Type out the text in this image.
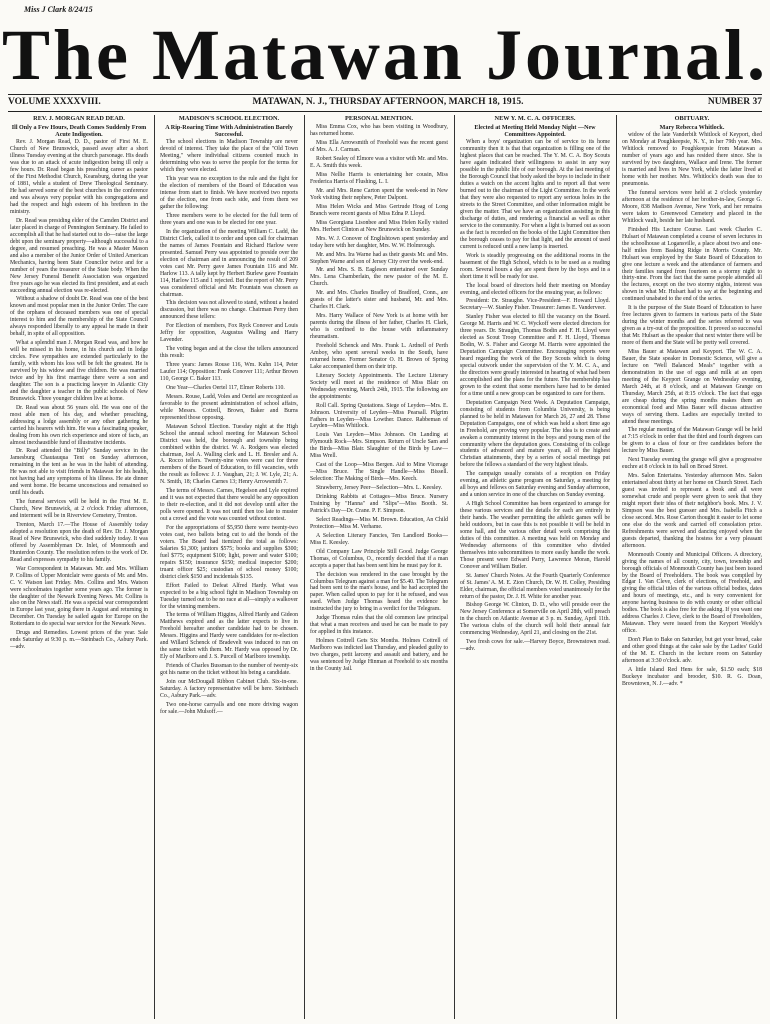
Miss J Clark 8/24/15
The Matawan Journal.
VOLUME XXXXVIII.	MATAWAN, N. J., THURSDAY AFTERNOON, MARCH 18, 1915.	NUMBER 37
REV. J. MORGAN READ DEAD.
Ill Only a Few Hours, Death Comes Suddenly From Acute Indigestion.

Rev. J. Morgan Read, D. D., pastor of First M. E. Church of New Brunswick, passed away after a short illness Tuesday evening at the church parsonage. His death was due to an attack of acute indigestion being ill only a few hours. Dr. Read began his preaching career as pastor of the First Methodist Church, Keansburg, during the year of 1881, while a student of Drew Theological Seminary. He had served some of the best churches in the conference and was always very popular with his congregations and had the respect and high esteem of his brethren in the ministry.

Dr. Read was presiding elder of the Camden District and later placed in charge of Pennington Seminary. He failed to accomplish all that he had started out to do—raise the large debt upon the seminary property—although successful to a degree, and resumed preaching. He was a Master Mason and also a member of the Junior Order of United American Mechanics, having been State Councilor twice and for a number of years the treasurer of the State body. When the New Jersey Funeral Benefit Association was organized five years ago he was elected its first president, and at each succeeding annual election was re-elected.

Without a shadow of doubt Dr. Read was one of the best known and most popular men in the Junior Order. The care of the orphans of deceased members was one of special interest to him and the membership of the State Council always responded liberally to any appeal he made in their behalf, in spite of all opposition.

What a splendid man J. Morgan Read was, and how he will be missed in his home, in his church and in lodge circles. Few sympathies are extended particularly to the family, with whom his loss will be felt the greatest. He is survived by his widow and five children. He was married twice and by his first marriage there were a son and daughter. The son is a practicing lawyer in Atlantic City and the daughter a teacher in the public schools of New Brunswick. Three younger children live at home.

Dr. Read was about 56 years old. He was one of the most able men of his day, and whether preaching, addressing a lodge assembly or any other gathering he carried his hearers with him. He was a fascinating speaker, dealing from his own rich experience and store of facts, an almost inexhaustible fund of illustrative incidents.

Dr. Read attended the "Billy" Sunday service in the Jamesburg Chautauqua Tent on Sunday afternoon, remaining in the tent as he was in the habit of attending. He was not able to visit friends in Matawan for his health, not having had any symptoms of his illness. He ate dinner and went home. He became unconscious and remained so until his death.

The funeral services will be held in the First M. E. Church, New Brunswick, at 2 o'clock Friday afternoon, and interment will be in Riverview Cemetery, Trenton.

Trenton, March 17.—The House of Assembly today adopted a resolution upon the death of Rev. Dr. J. Morgan Read of New Brunswick, who died suddenly today. It was offered by Assemblyman Dr. Inlet, of Monmouth and Hunterdon County. The resolution refers to the work of Dr. Read and expresses sympathy to his family.

War Correspondent in Matawan. Mr. and Mrs. William P. Collins of Upper Montclair were guests of Mr. and Mrs. C. V. Watson last Friday. Mrs. Collins and Mrs. Watson were schoolmates together some years ago. The former is the daughter of the Newark Evening News. Mr. Collins is also on the News staff. He was a special war correspondent in Europe last year, going there in August and returning in December. On Tuesday he sailed again for Europe on the Rotterdam to do special war service for the Newark News.

Drugs and Remedies. Lowest prices of the year. Sale ends Saturday at 9:30 p. m.—Steinbach Co., Asbury Park.—adv.

MADISON'S SCHOOL ELECTION.
A Rip-Roaring Time With Administration Barely Successful.

The school elections in Madison Township are never devoid of interest. They take the place of the "Old Town Meeting," where individual citizens counted much in determining who was to serve the people for the terms for which they were elected.

This year was no exception to the rule and the fight for the election of members of the Board of Education was intense from start to finish. We have received two reports of the election, one from each side, and from them we gather the following:

Three members were to be elected for the full term of three years and one was to be elected for one year.

In the organization of the meeting William C. Ladd, the District Clerk, called it to order and upon call for chairman the names of James Fountain and Richard Harlow were presented. Samuel Perry was appointed to preside over the election of chairman and in announcing the result of 209 votes cast Mr. Perry gave James Fountain 116 and Mr. Harlow 113. A tally kept by Herbert Burlew gave Fountain 114, Harlow 115 and 1 rejected. But the report of Mr. Perry was considered official and Mr. Fountain was chosen as chairman.

This decision was not allowed to stand, without a heated discussion, but there was no change. Chairman Perry then announced these tellers:

For Election of members, Fox Ryck Conover and Louis Jeffry for opposition, Augustus Walling and Harry Lavender.

The voting began and at the close the tellers announced this result:

Three years: James Rouse 116, Wm. Kuhn 114, Peter Laufer 114; Opposition: Frank Conover 111; Arthur Brown 110, George C. Baker 113.

One Year—Charles Oertel 117, Elmer Roberts 110.

Messrs. Rouse, Ladd, Voles and Oertel are recognized as favorable to the present administration of school affairs, while Messrs. Cottrell, Brown, Baker and Burns represented those opposing.

Matawan School Election. Tuesday night at the High School the annual school meeting for Matawan School District was held, the borough and township being combined within the district. W. A. Rodgers was elected chairman, Joel A. Walling clerk and L. H. Bresler and A. A. Rocco tellers. Twenty-nine votes were cast for three members of the Board of Education, to fill vacancies, with the result as follows: J. J. Vaughan, 21; J. W. Lyle, 21; A. N. Smith, 18; Charles Carnes 13; Henry Arrowsmith 7.

The terms of Messrs. Carnes, Hegelson and Lyle expired and it was not expected that there would be any opposition to their re-election, and it did not develop until after the polls were opened. It was not until then too late to muster out a crowd and the vote was counted without contest.

For the appropriations of $5,950 there were twenty-two votes cast, two ballots being cut to aid the bonds of the voters. The Board had itemized the total as follows: Salaries $1,300; janitors $575; books and supplies $300; fuel $775; equipment $100; light, power and water $100; repairs $150; insurance $150; medical inspector $200; truant officer $25; custodian of school money $100; district clerk $150 and incidentals $135.

Effort Failed to Defeat Alfred Hardy. What was expected to be a big school fight in Madison Township on Tuesday turned out to be no race at all—simply a walkover for the winning members.

The terms of William Higgins, Alfred Hardy and Gideon Matthews expired and as the latter expects to live in Freehold hereafter another candidate had to be chosen. Messrs. Higgins and Hardy were candidates for re-election and Willard Schenck of Bradevelt was induced to run on the same ticket with them. Mr. Hardy was opposed by Dr. Ely of Marlboro and J. S. Purcell of Marlboro township.

Friends of Charles Bussman to the number of twenty-six got his name on the ticket without his being a candidate.

Join our McDougall Ribbon Cabinet Club. Six-in-one. Saturday. A factory representative will be here. Steinbach Co., Asbury Park.—adv.

Two one-horse carryalls and one more driving wagon for sale.—John Mulsoff.—

PERSONAL MENTION.

Miss Emma Cox, who has been visiting in Woodbury, has returned home.

Miss Ella Arrowsmith of Freehold was the recent guest of Mrs. A. J. Carman.

Robert Sealey of Elmore was a visitor with Mr. and Mrs. E. A. Smith this week.

Miss Nellie Harris is entertaining her cousin, Miss Frederica Harris of Flushing, L. I.

Mr. and Mrs. Rene Carton spent the week-end in New York visiting their nephew, Peter Dalpont.

Miss Helen Wicks and Miss Gertrude Hoag of Long Branch were recent guests of Miss Edna P. Lloyd.

Miss Georgiana Lisonbee and Miss Helen Kelly visited Mrs. Herbert Clinton at New Brunswick on Sunday.

Mrs. W. J. Conover of Englishtown spent yesterday and today here with her daughter, Mrs. W. W. Holmrough.

Mr. and Mrs. Ira Warne had as their guests Mr. and Mrs. Stephen Warne and son of Jersey City over the week-end.

Mr. and Mrs. S. B. Eagleson entertained over Sunday Mrs. Lena Chamberlain, the new pastor of the M. E. Church.

Mr. and Mrs. Charles Bradley of Bradford, Conn., are guests of the latter's sister and husband, Mr. and Mrs. Charles H. Clark.

Mrs. Harry Wallace of New York is at home with her parents during the illness of her father, Charles H. Clark, who is confined to the house with inflammatory rheumatism.

Freehold Schenck and Mrs. Frank L. Ardnell of Perth Amboy, who spent several weeks in the South, have returned home. Former Senator O. H. Brown of Spring Lake accompanied them on their trip.

Literary Society Appointments. The Lecture Literary Society will meet at the residence of Miss Blair on Wednesday evening, March 24th, 1915. The following are the appointments:

Roll Call. Spring Quotations. Siege of Leyden—Mrs. E. Johnson. University of Leyden—Miss Pearsall. Pilgrim Fathers in Leyden—Miss Lowther. Dance. Rabbeman of Leyden—Miss Whitlock.

Louis Van Leyden—Miss Johnson. On Landing at Plymouth Rock—Mrs. Simpson. Return of Uncle Sam and the Birds—Miss Blair. Slaughter of the Birds by Law—Miss Wrell.

Cast of the Loop—Miss Bergen. Aid to Mine Vicerage—Miss Bruce. The Single Handle—Miss Bissell. Selection: The Making of Birds—Mrs. Keech.

Strawberry, Jersey Peer—Selection—Mrs. L. Keesley.

Drinking Rabbits at Cottages—Miss Bruce. Nursery Training by "Hanna" and "Slips"—Miss Booth. St. Patrick's Day—Dr. Crane. P. F. Simpson.

Select Readings—Miss M. Brown. Education, An Child Protection—Miss M. Verhame.

A Selection Literary Fancies, Ten Landlord Books—Miss E. Keesley.

Old Company Law Principle Still Good. Judge George Thomas, of Columbus, O., recently decided that if a man accepts a paper that has been sent him he must pay for it.

The decision was rendered in the case brought by the Columbus Telegram against a man for $5.40. The Telegram had been sent to the man's house, and he had accepted the paper. When called upon to pay for it he refused, and was sued. When Judge Thomas heard the evidence he instructed the jury to bring in a verdict for the Telegram.

Judge Thomas rules that the old common law principal that what a man receives and used he can be made to pay for applied in this instance.

Holmes Cottrell Gets Six Months. Holmes Cottrell of Marlboro was indicted last Thursday, and pleaded guilty to two charges, petit larceny and assault and battery, and he was sentenced by Judge Hinman at Freehold to six months in the County Jail.

NEW Y. M. C. A. OFFICERS.
Elected at Meeting Held Monday Night —New Committees Appointed.

When a boys' organization can be of service to its home community then it is that that organization is filling one of the highest places that can be reached. The Y. M. C. A. Boy Scouts have again indicated their willingness to assist in any way possible in the public life of our borough. At the last meeting of the Borough Council that body asked the boys to include in their duties a watch on the accent lights and to report all that were burned out to the chairman of the Light Committee. In the work that they were also requested to report any serious holes in the streets to the Street Committee, and other information might be given the matter. That we have an organization assisting in this discharge of duties, and rendering a financial as well as other service to the community. For when a light is burned out as soon as the fact is recorded on the books of the Light Committee then the borough ceases to pay for that light, and the amount of used current is reduced until a new lamp is inserted.

Work is steadily progressing on the additional rooms in the basement of the High School, which is to be used as a reading room. Several hours a day are spent there by the boys and in a short time it will be ready for use.

The local board of directors held their meeting on Monday evening, and elected officers for the ensuing year, as follows:

President: Dr. Straughn. Vice-President—F. Howard Lloyd. Secretary—W. Stanley Fisher. Treasurer: James E. Vanderveer.

Stanley Fisher was elected to fill the vacancy on the Board. George M. Harris and W. C. Wyckoff were elected directors for three years. Dr. Straughn, Thomas Bodin and F. H. Lloyd were elected as Scout Troop Committee and F. H. Lloyd, Thomas Bodin, W. S. Fisher and George M. Harris were appointed the Deputation Campaign Committee. Encouraging reports were heard regarding the work of the Boy Scouts which is doing special outwork under the supervision of the Y. M. C. A., and the directors were greatly interested in hearing of what had been accomplished and the plans for the future. The membership has grown to the extent that some members have had to be denied for a time until a new group can be organized to care for them.

Deputation Campaign Next Week. A Deputation Campaign, consisting of students from Columbia University, is being planned to be held in Matawan for March 26, 27 and 28. These Deputation Campaigns, one of which was held a short time ago in Freehold, are proving very popular. The idea is to create and awaken a community interest in the boys and young men of the community where the deputation goes. Consisting of its college students of advanced and mature years, all of the highest Christian attainments, they by a series of social meetings put before the fellows a standard of the very highest ideals.

The campaign usually consists of a reception on Friday evening, an athletic game program on Saturday, a meeting for all boys and fellows on Saturday evening and Sunday afternoon, and a union service in one of the churches on Sunday evening.

A High School Committee has been organized to arrange for these various services and the details for each are entirely in their hands. The weather permitting the athletic games will be held outdoors, but in case this is not possible it will be held in some hall, and the various other detail work comprising the duties of this committee. A meeting was held on Monday and Wednesday afternoons of this committee who divided themselves into subcommittees to more easily handle the work. Those present were Edward Parry, Lawrence Moran, Harold Conover and William Butler.

St. James' Church Notes. At the Fourth Quarterly Conference of St. James' A. M. E. Zion Church, Dr. W. H. Colley, Presiding Elder, chairman, the official members voted unanimously for the return of the pastor, Dr. J. H. White for another year.

Bishop George W. Clinton, D. D., who will preside over the New Jersey Conference at Somerville on April 28th, will preach in the church on Atlantic Avenue at 3 p. m. Sunday, April 11th. The various clubs of the church will hold their annual fair commencing Wednesday, April 21, and closing on the 21st.

Two fresh cows for sale.—Harvey Boyce, Brownstown road.—adv.

OBITUARY.
Mary Rebecca Whitlock.

widow of the late Vanderbilt Whitlock of Keyport, died on Monday at Poughkeepsie, N. Y., in her 79th year. Mrs. Whitlock removed to Poughkeepsie from Matawan a number of years ago and has resided there since. She is survived by two daughters, Wallace and Irene. The former is married and lives in New York, while the latter lived at home with her mother. Mrs. Whitlock's death was due to pneumonia.

The funeral services were held at 2 o'clock yesterday afternoon at the residence of her brother-in-law, George G. Moore, 838 Madison Avenue, New York, and her remains were taken to Greenwood Cemetery and placed in the Whitlock vault, beside her late husband.

Finished His Lecture Course. Last week Charles C. Hulsart of Matawan completed a course of seven lectures in the schoolhouse at Logansville, a place about two and one-half miles from Basking Ridge in Morris County. Mr. Hulsart was employed by the State Board of Education to give one lecture a week and the attendance of farmers and their families ranged from fourteen on a stormy night to thirty-nine. From the fact that the same people attended all the lectures, except on the two stormy nights, interest was shown in what Mr. Hulsart had to say at the beginning and continued unabated to the end of the series.

It is the purpose of the State Board of Education to have free lectures given to farmers in various parts of the State during the winter months and the series referred to was given as a try-out of the proposition. It proved so successful that Mr. Hulsart as the speaker that next winter there will be more of them and the State will be pretty well covered.

Miss Bauer at Matawan and Keyport. The W. C. A. Bauer, the State speaker in Domestic Science, will give a lecture on "Well Balanced Meals" together with a demonstration in the use of eggs and milk at an open meeting of the Keyport Grange on Wednesday evening, March 24th, at 8 o'clock, and at Matawan Grange on Thursday, March 25th, at 8:15 o'clock. The fact that eggs are cheap during the spring months makes them an economical food and Miss Bauer will discuss attractive ways of serving them. Ladies are especially invited to attend these meetings.

The regular meeting of the Matawan Grange will be held at 7:15 o'clock in order that the third and fourth degrees can be given to a class of four or five candidates before the lecture by Miss Bauer.

Next Tuesday evening the grange will give a progressive euchre at 8 o'clock in its hall on Broad Street.

Mrs. Salon Entertains. Yesterday afternoon Mrs. Salon entertained about thirty at her home on Church Street. Each guest was invited to represent a book and all were somewhat crude and people were given to seek that they might report their idea of their neighbor's book. Mrs. J. V. Simpson was the best guesser and Mrs. Isabella Fitch a close second. Mrs. Rose Carton thought it easier to let some one else do the work and carried off consolation prize. Refreshments were served and dancing enjoyed when the guests departed, thanking the hostess for a very pleasant afternoon.

Monmouth County and Municipal Officers. A directory, giving the names of all county, city, town, township and borough officials of Monmouth County has just been issued by the Board of Freeholders. The book was compiled by Edgar I. Van Cleve, clerk of elections, of Freehold, and giving the official titles of the various official bodies, dates and hours of meetings, etc., and is very convenient for anyone having business to do with county or other official bodies. The book is also free for the asking. If you want one address Charles J. Cleve, clerk to the Board of Freeholders, Matawan. They were issued from the Keyport Weekly's office.

Don't Plan to Bake on Saturday, but get your bread, cake and other good things at the cake sale by the Ladies' Guild of the M. E. Church in the lecture room on Saturday afternoon at 3:30 o'clock. adv.

A little Island Red Hens for sale, $1.50 each; $18 Buckeye incubator and brooder, $10. R. G. Doan, Browntown, N. J.—adv. *
